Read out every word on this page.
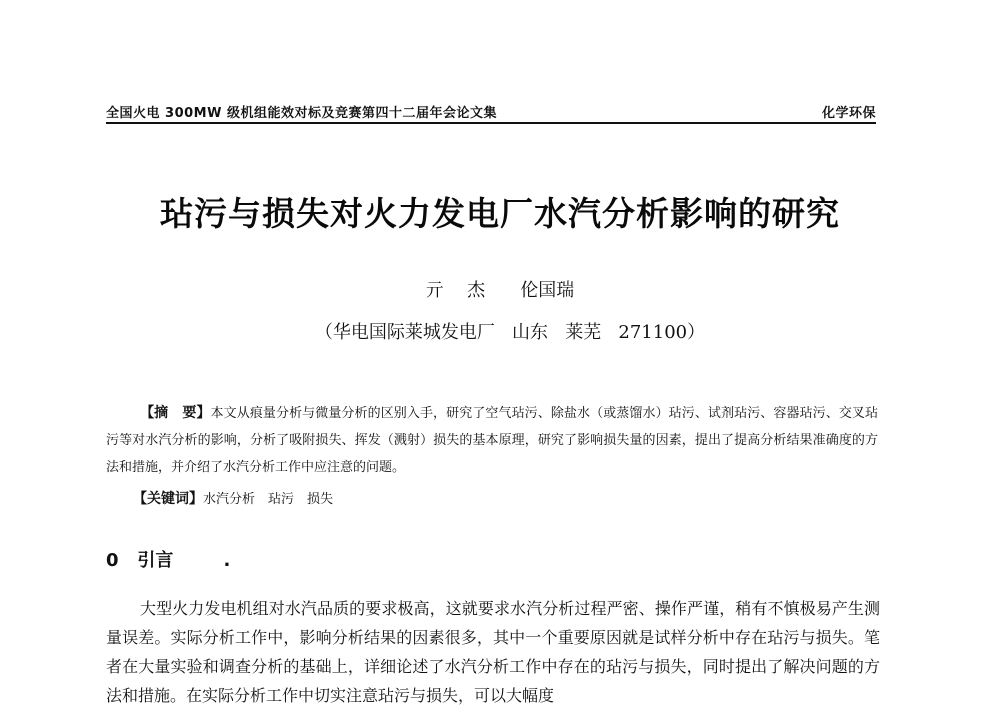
全国火电 300MW 级机组能效对标及竞赛第四十二届年会论文集	化学环保
玷污与损失对火力发电厂水汽分析影响的研究
亓  杰   伦国瑞
（华电国际莱城发电厂   山东   莱芜   271100）
【摘　要】本文从痕量分析与微量分析的区别入手，研究了空气玷污、除盐水（或蒸馏水）玷污、试剂玷污、容器玷污、交叉玷污等对水汽分析的影响，分析了吸附损失、挥发（溅射）损失的基本原理，研究了影响损失量的因素，提出了提高分析结果准确度的方法和措施，并介绍了水汽分析工作中应注意的问题。
【关键词】水汽分析　玷污　损失
0 引言	.
大型火力发电机组对水汽品质的要求极高，这就要求水汽分析过程严密、操作严谨，稍有不慎极易产生测量误差。实际分析工作中，影响分析结果的因素很多，其中一个重要原因就是试样分析中存在玷污与损失。笔者在大量实验和调查分析的基础上，详细论述了水汽分析工作中存在的玷污与损失，同时提出了解决问题的方法和措施。在实际分析工作中切实注意玷污与损失，可以大幅度
